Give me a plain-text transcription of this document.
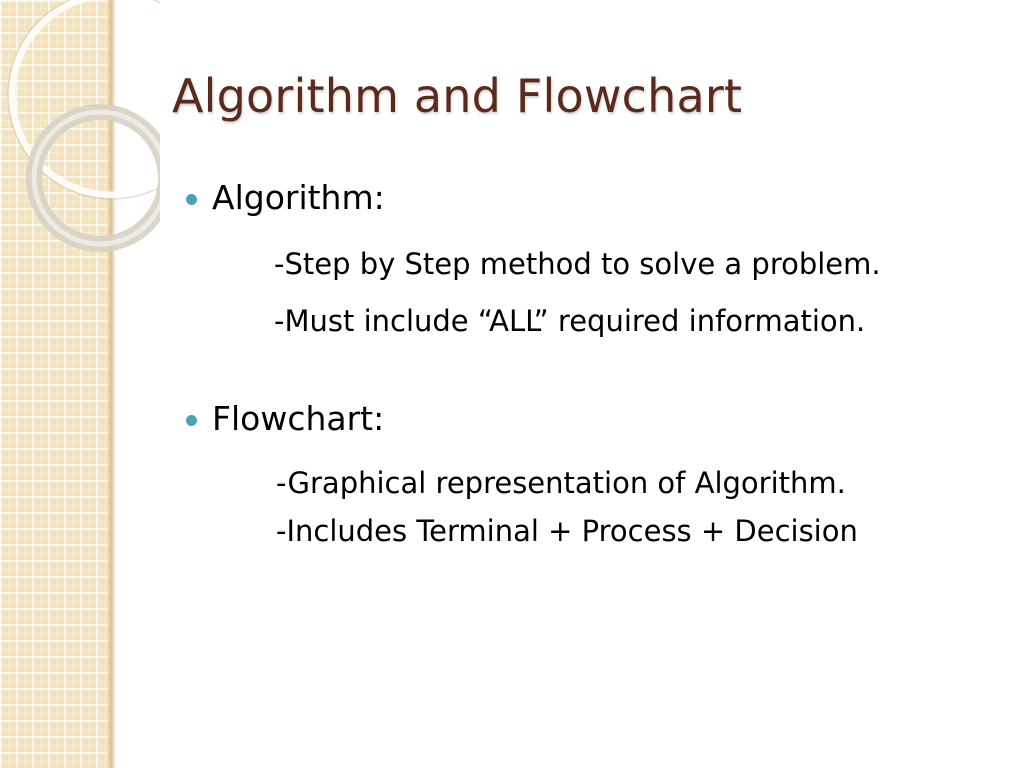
Algorithm and Flowchart
Algorithm:
-Step by Step method to solve a problem.
-Must include “ALL” required information.
Flowchart:
-Graphical representation of Algorithm.
-Includes Terminal + Process + Decision
